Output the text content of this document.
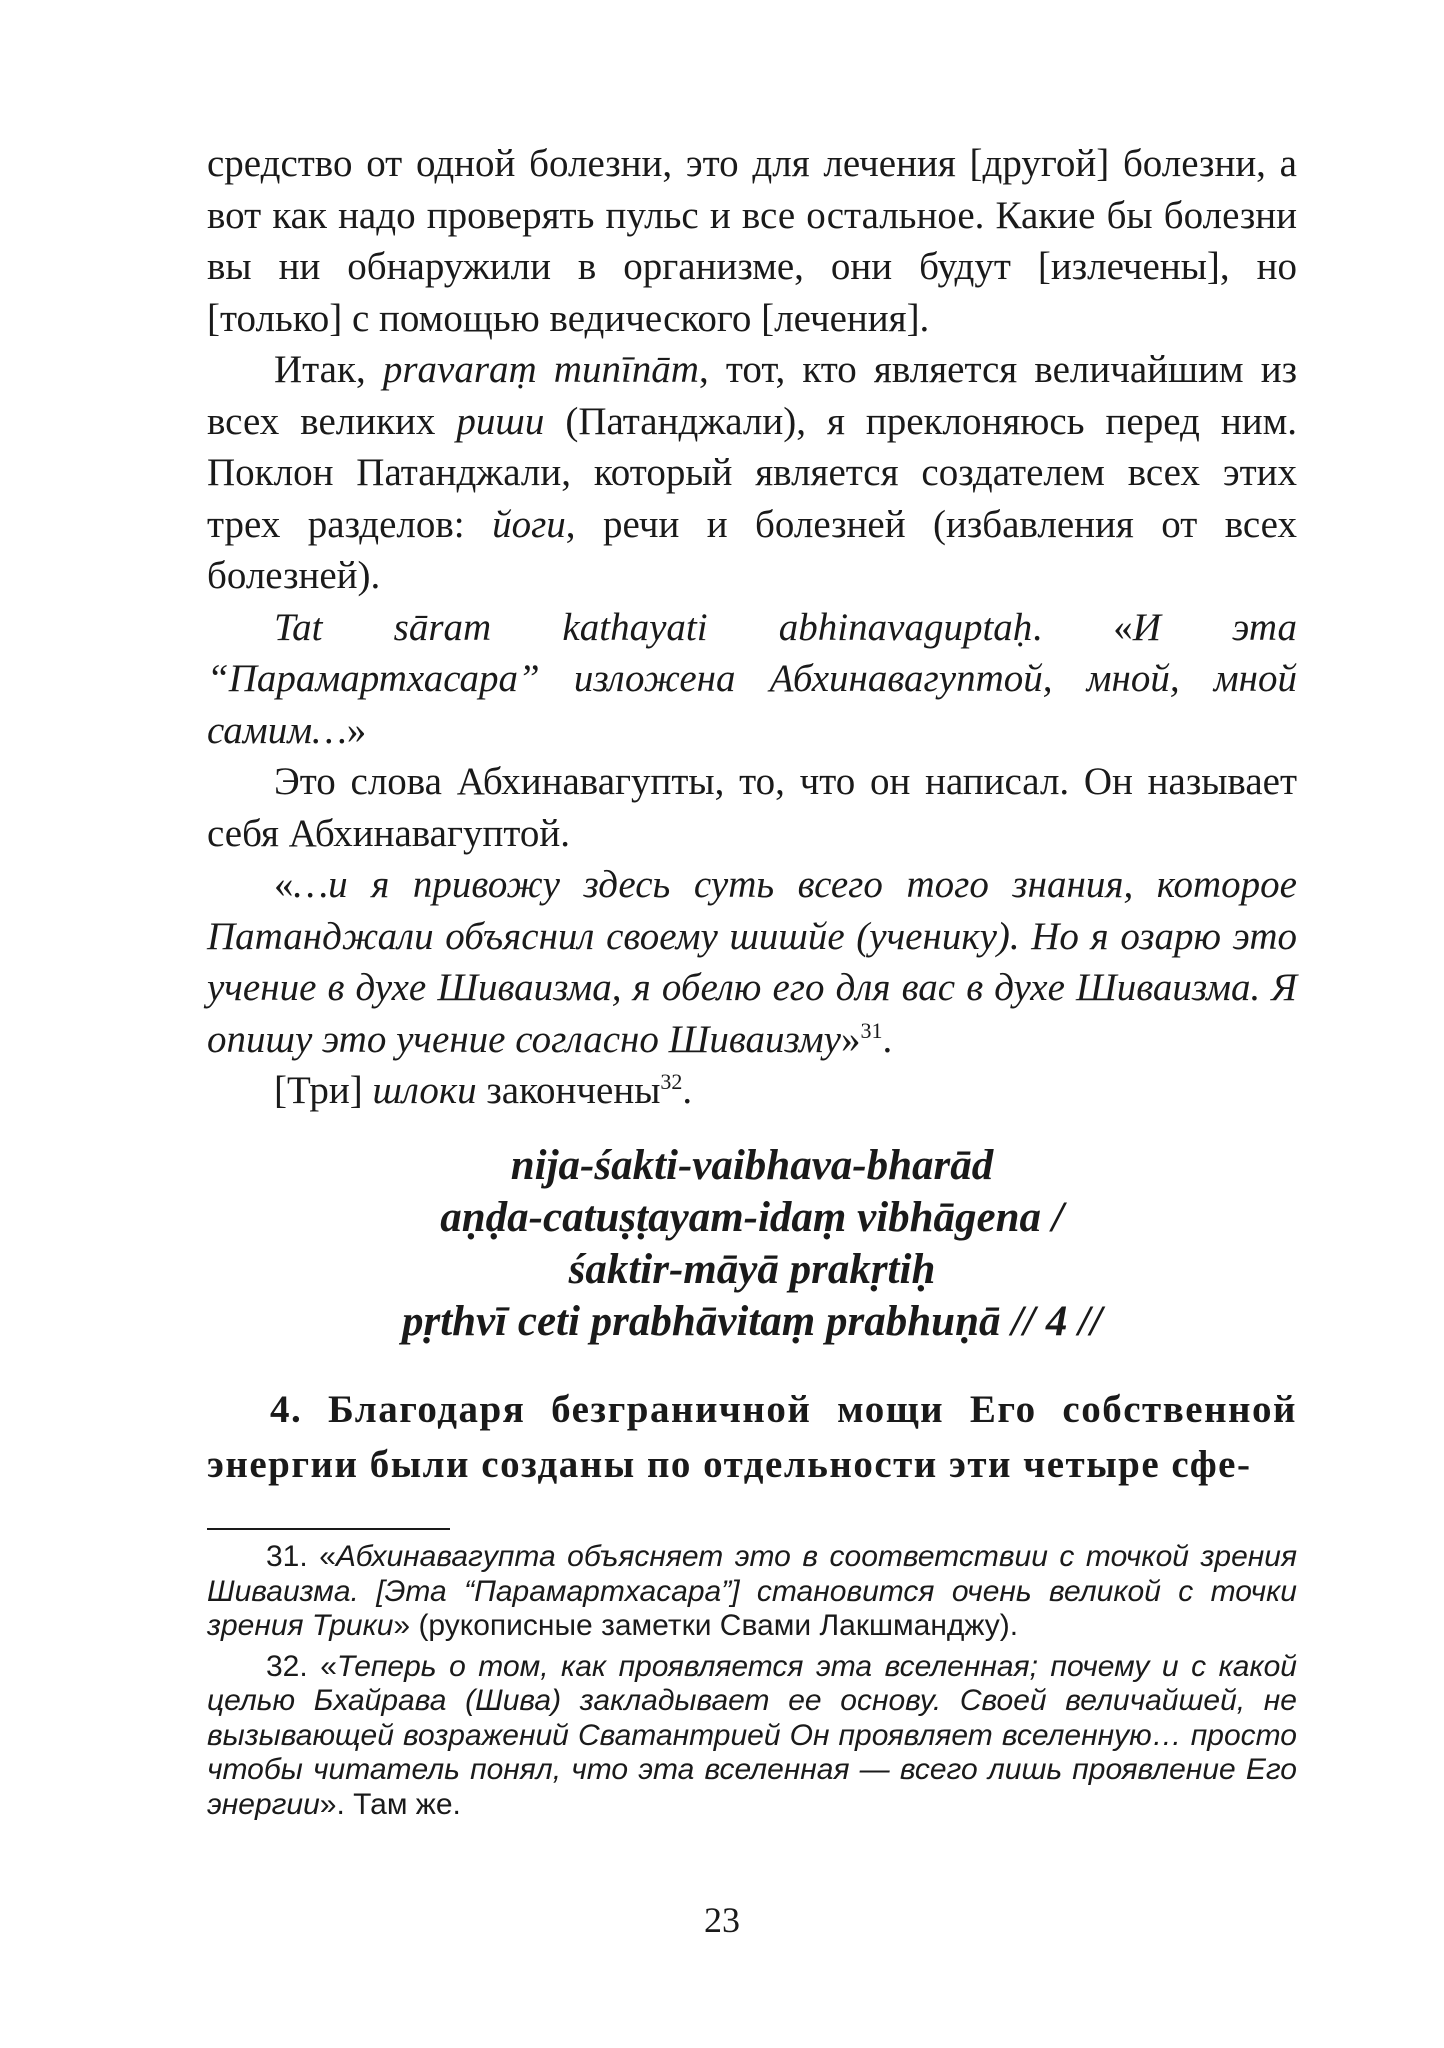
средство от одной болезни, это для лечения [другой] болезни, а вот как надо проверять пульс и все остальное. Какие бы болезни вы ни обнаружили в организме, они будут [излечены], но [только] с помощью ведического [лечения].

Итак, pravaraṃ munīnām, тот, кто является величайшим из всех великих риши (Патанджали), я преклоняюсь перед ним. Поклон Патанджали, который является создателем всех этих трех разделов: йоги, речи и болезней (избавления от всех болезней).

Tat sāram kathayati abhinavaguptaḥ. «И эта “Парамартхасара” изложена Абхинавагуптой, мной, мной самим…»

Это слова Абхинавагупты, то, что он написал. Он называет себя Абхинавагуптой.

«…и я привожу здесь суть всего того знания, которое Патанджали объяснил своему шишйе (ученику). Но я озарю это учение в духе Шиваизма, я обелю его для вас в духе Шиваизма. Я опишу это учение согласно Шиваизму»$^{31}$.

[Три] шлоки закончены$^{32}$.

nija-śakti-vaibhava-bharād
aṇḍa-catuṣṭayam-idaṃ vibhāgena /
śaktir-māyā prakṛtiḥ
pṛthvī ceti prabhāvitaṃ prabhuṇā // 4 //
4. Благодаря безграничной мощи Его собственной энергии были созданы по отдельности эти четыре сфе-

31. «Абхинавагупта объясняет это в соответствии с точкой зрения Шиваизма. [Эта “Парамартхасара”] становится очень великой с точки зрения Трики» (рукописные заметки Свами Лакшманджу).

32. «Теперь о том, как проявляется эта вселенная; почему и с какой целью Бхайрава (Шива) закладывает ее основу. Своей величайшей, не вызывающей возражений Сватантрией Он проявляет вселенную… просто чтобы читатель понял, что эта вселенная — всего лишь проявление Его энергии». Там же.

23
